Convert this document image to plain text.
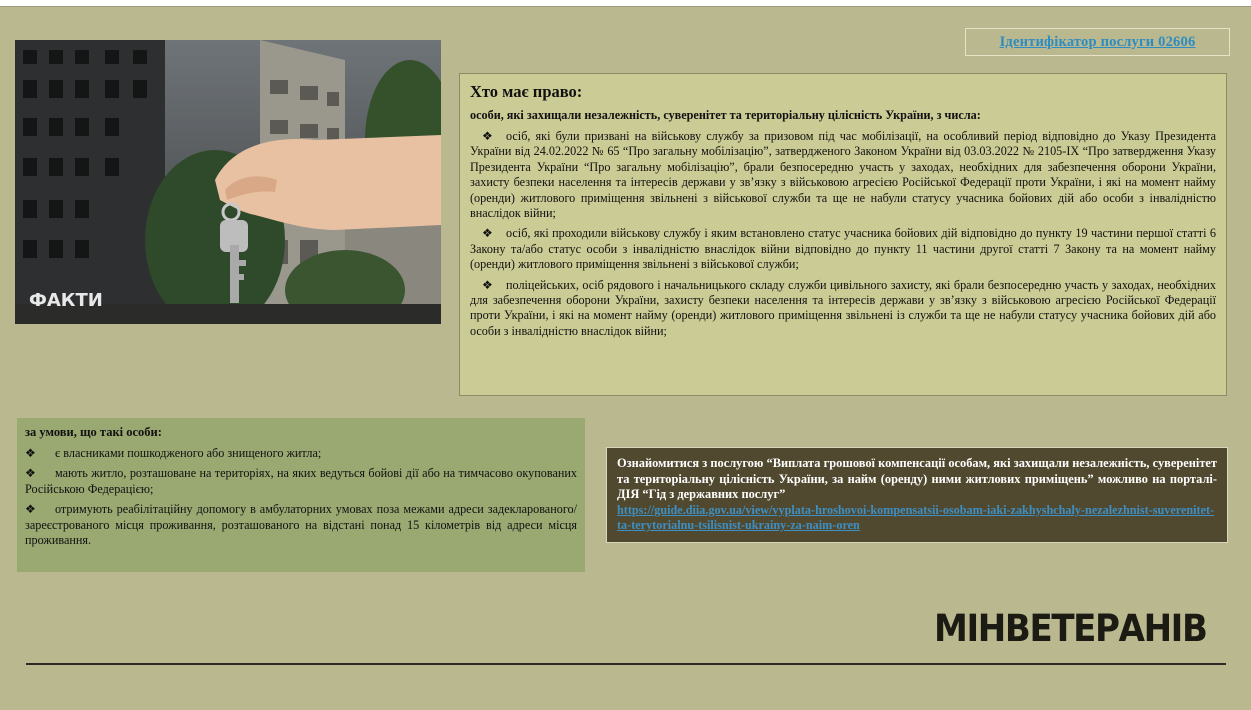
ФАКТИ
Ідентифікатор послуги 02606
Хто має право:
особи, які захищали незалежність, суверенітет та територіальну цілісність України, з числа:

❖ осіб, які були призвані на військову службу за призовом під час мобілізації, на особливий період відповідно до Указу Президента України від 24.02.2022 № 65 “Про загальну мобілізацію”, затвердженого Законом України від 03.03.2022 № 2105-IX “Про затвердження Указу Президента України “Про загальну мобілізацію”, брали безпосередню участь у заходах, необхідних для забезпечення оборони України, захисту безпеки населення та інтересів держави у зв’язку з військовою агресією Російської Федерації проти України, і які на момент найму (оренди) житлового приміщення звільнені з військової служби та ще не набули статусу учасника бойових дій або особи з інвалідністю внаслідок війни;

❖ осіб, які проходили військову службу і яким встановлено статус учасника бойових дій відповідно до пункту 19 частини першої статті 6 Закону та/або статус особи з інвалідністю внаслідок війни відповідно до пункту 11 частини другої статті 7 Закону та на момент найму (оренди) житлового приміщення звільнені з військової служби;

❖ поліцейських, осіб рядового і начальницького складу служби цивільного захисту, які брали безпосередню участь у заходах, необхідних для забезпечення оборони України, захисту безпеки населення та інтересів держави у зв’язку з військовою агресією Російської Федерації проти України, і які на момент найму (оренди) житлового приміщення звільнені із служби та ще не набули статусу учасника бойових дій або особи з інвалідністю внаслідок війни;

за умови, що такі особи:

❖ є власниками пошкодженого або знищеного житла;

❖ мають житло, розташоване на територіях, на яких ведуться бойові дії або на тимчасово окупованих Російською Федерацією;

❖ отримують реабілітаційну допомогу в амбулаторних умовах поза межами адреси задекларованого/зареєстрованого місця проживання, розташованого на відстані понад 15 кілометрів від адреси місця проживання.

Ознайомитися з послугою “Виплата грошової компенсації особам, які захищали незалежність, суверенітет та територіальну цілісність України, за найм (оренду) ними житлових приміщень” можливо на порталі-ДІЯ “Гід з державних послуг”

https://guide.diia.gov.ua/view/vyplata-hroshovoi-kompensatsii-osobam-iaki-zakhyshchaly-nezalezhnist-suverenitet-ta-terytorialnu-tsilisnist-ukrainy-za-naim-oren
МІНВЕТЕРАНІВ
